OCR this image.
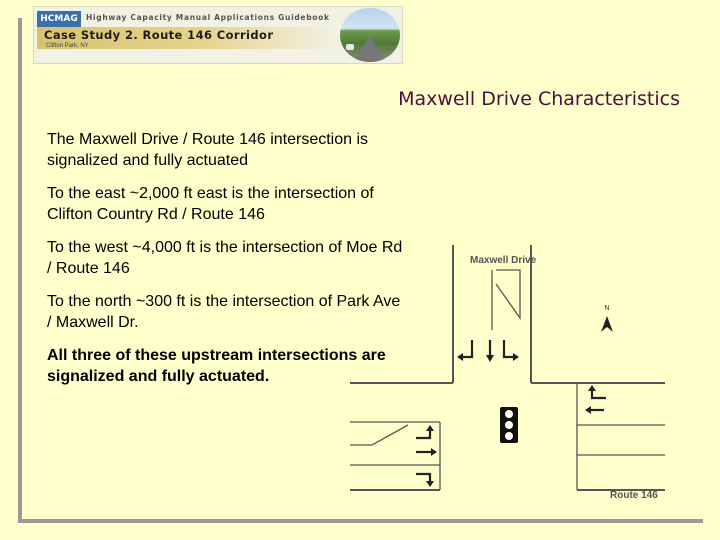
HCMAG	Highway Capacity Manual Applications Guidebook
Case Study 2. Route 146 Corridor
Clifton Park, NY
Maxwell Drive Characteristics

The Maxwell Drive / Route 146 intersection is signalized and fully actuated

To the east ~2,000 ft east is the intersection of Clifton Country Rd / Route 146

To the west ~4,000 ft is the intersection of Moe Rd / Route 146

To the north ~300 ft is the intersection of Park Ave / Maxwell Dr.

All three of these upstream intersections are signalized and fully actuated.

N
Maxwell Drive
Route 146
